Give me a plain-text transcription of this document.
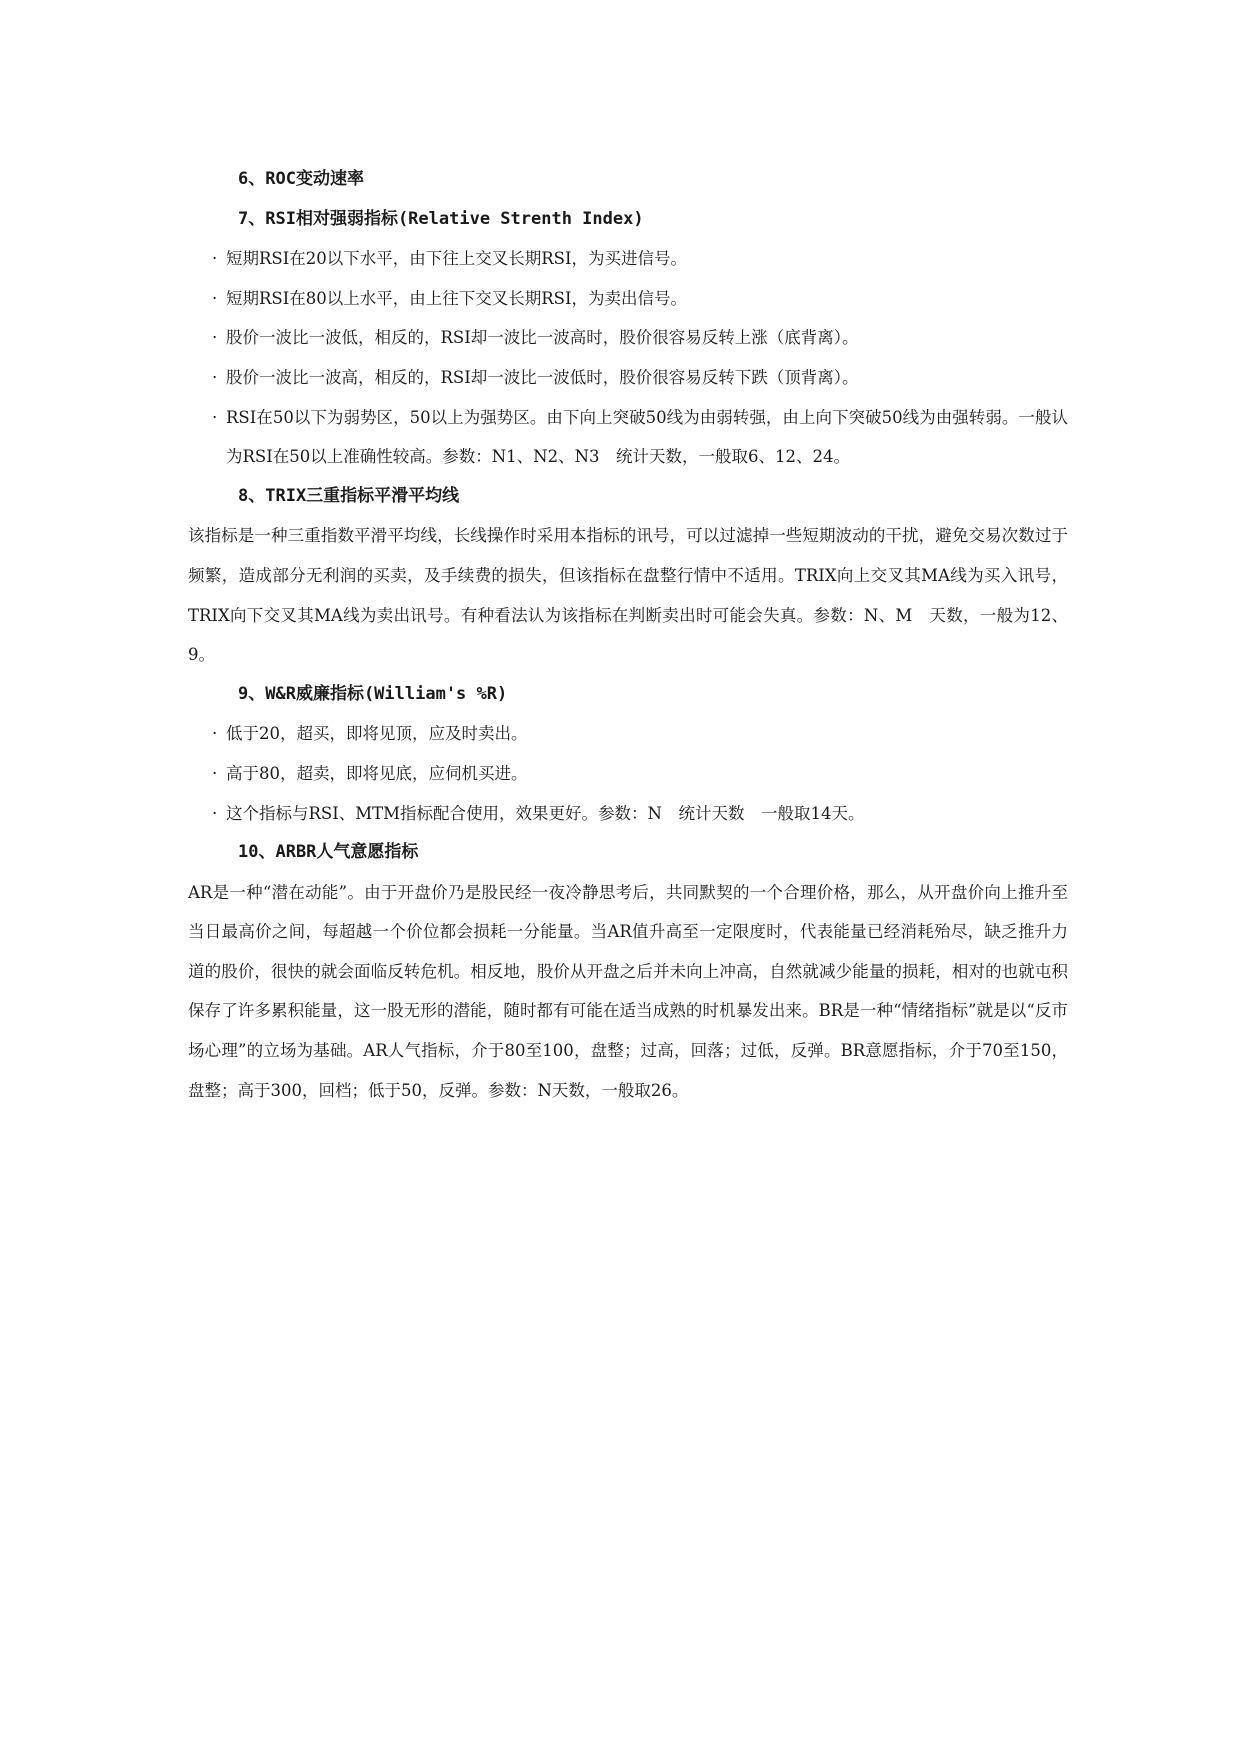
6、ROC变动速率
7、RSI相对强弱指标(Relative Strenth Index)
· 短期RSI在20以下水平，由下往上交叉长期RSI，为买进信号。
· 短期RSI在80以上水平，由上往下交叉长期RSI，为卖出信号。
· 股价一波比一波低，相反的，RSI却一波比一波高时，股价很容易反转上涨（底背离）。
· 股价一波比一波高，相反的，RSI却一波比一波低时，股价很容易反转下跌（顶背离）。
· RSI在50以下为弱势区，50以上为强势区。由下向上突破50线为由弱转强，由上向下突破50线为由强转弱。一般认为RSI在50以上准确性较高。参数：N1、N2、N3　统计天数，一般取6、12、24。
8、TRIX三重指标平滑平均线
该指标是一种三重指数平滑平均线，长线操作时采用本指标的讯号，可以过滤掉一些短期波动的干扰，避免交易次数过于频繁，造成部分无利润的买卖，及手续费的损失，但该指标在盘整行情中不适用。TRIX向上交叉其MA线为买入讯号，TRIX向下交叉其MA线为卖出讯号。有种看法认为该指标在判断卖出时可能会失真。参数：N、M　天数，一般为12、9。
9、W&R威廉指标(William's %R)
· 低于20，超买，即将见顶，应及时卖出。
· 高于80，超卖，即将见底，应伺机买进。
· 这个指标与RSI、MTM指标配合使用，效果更好。参数：N　统计天数　一般取14天。
10、ARBR人气意愿指标
AR是一种“潜在动能”。由于开盘价乃是股民经一夜冷静思考后，共同默契的一个合理价格，那么，从开盘价向上推升至当日最高价之间，每超越一个价位都会损耗一分能量。当AR值升高至一定限度时，代表能量已经消耗殆尽，缺乏推升力道的股价，很快的就会面临反转危机。相反地，股价从开盘之后并未向上冲高，自然就减少能量的损耗，相对的也就屯积保存了许多累积能量，这一股无形的潜能，随时都有可能在适当成熟的时机暴发出来。BR是一种“情绪指标”就是以“反市场心理”的立场为基础。AR人气指标，介于80至100，盘整；过高，回落；过低，反弹。BR意愿指标，介于70至150，盘整；高于300，回档；低于50，反弹。参数：N天数，一般取26。
